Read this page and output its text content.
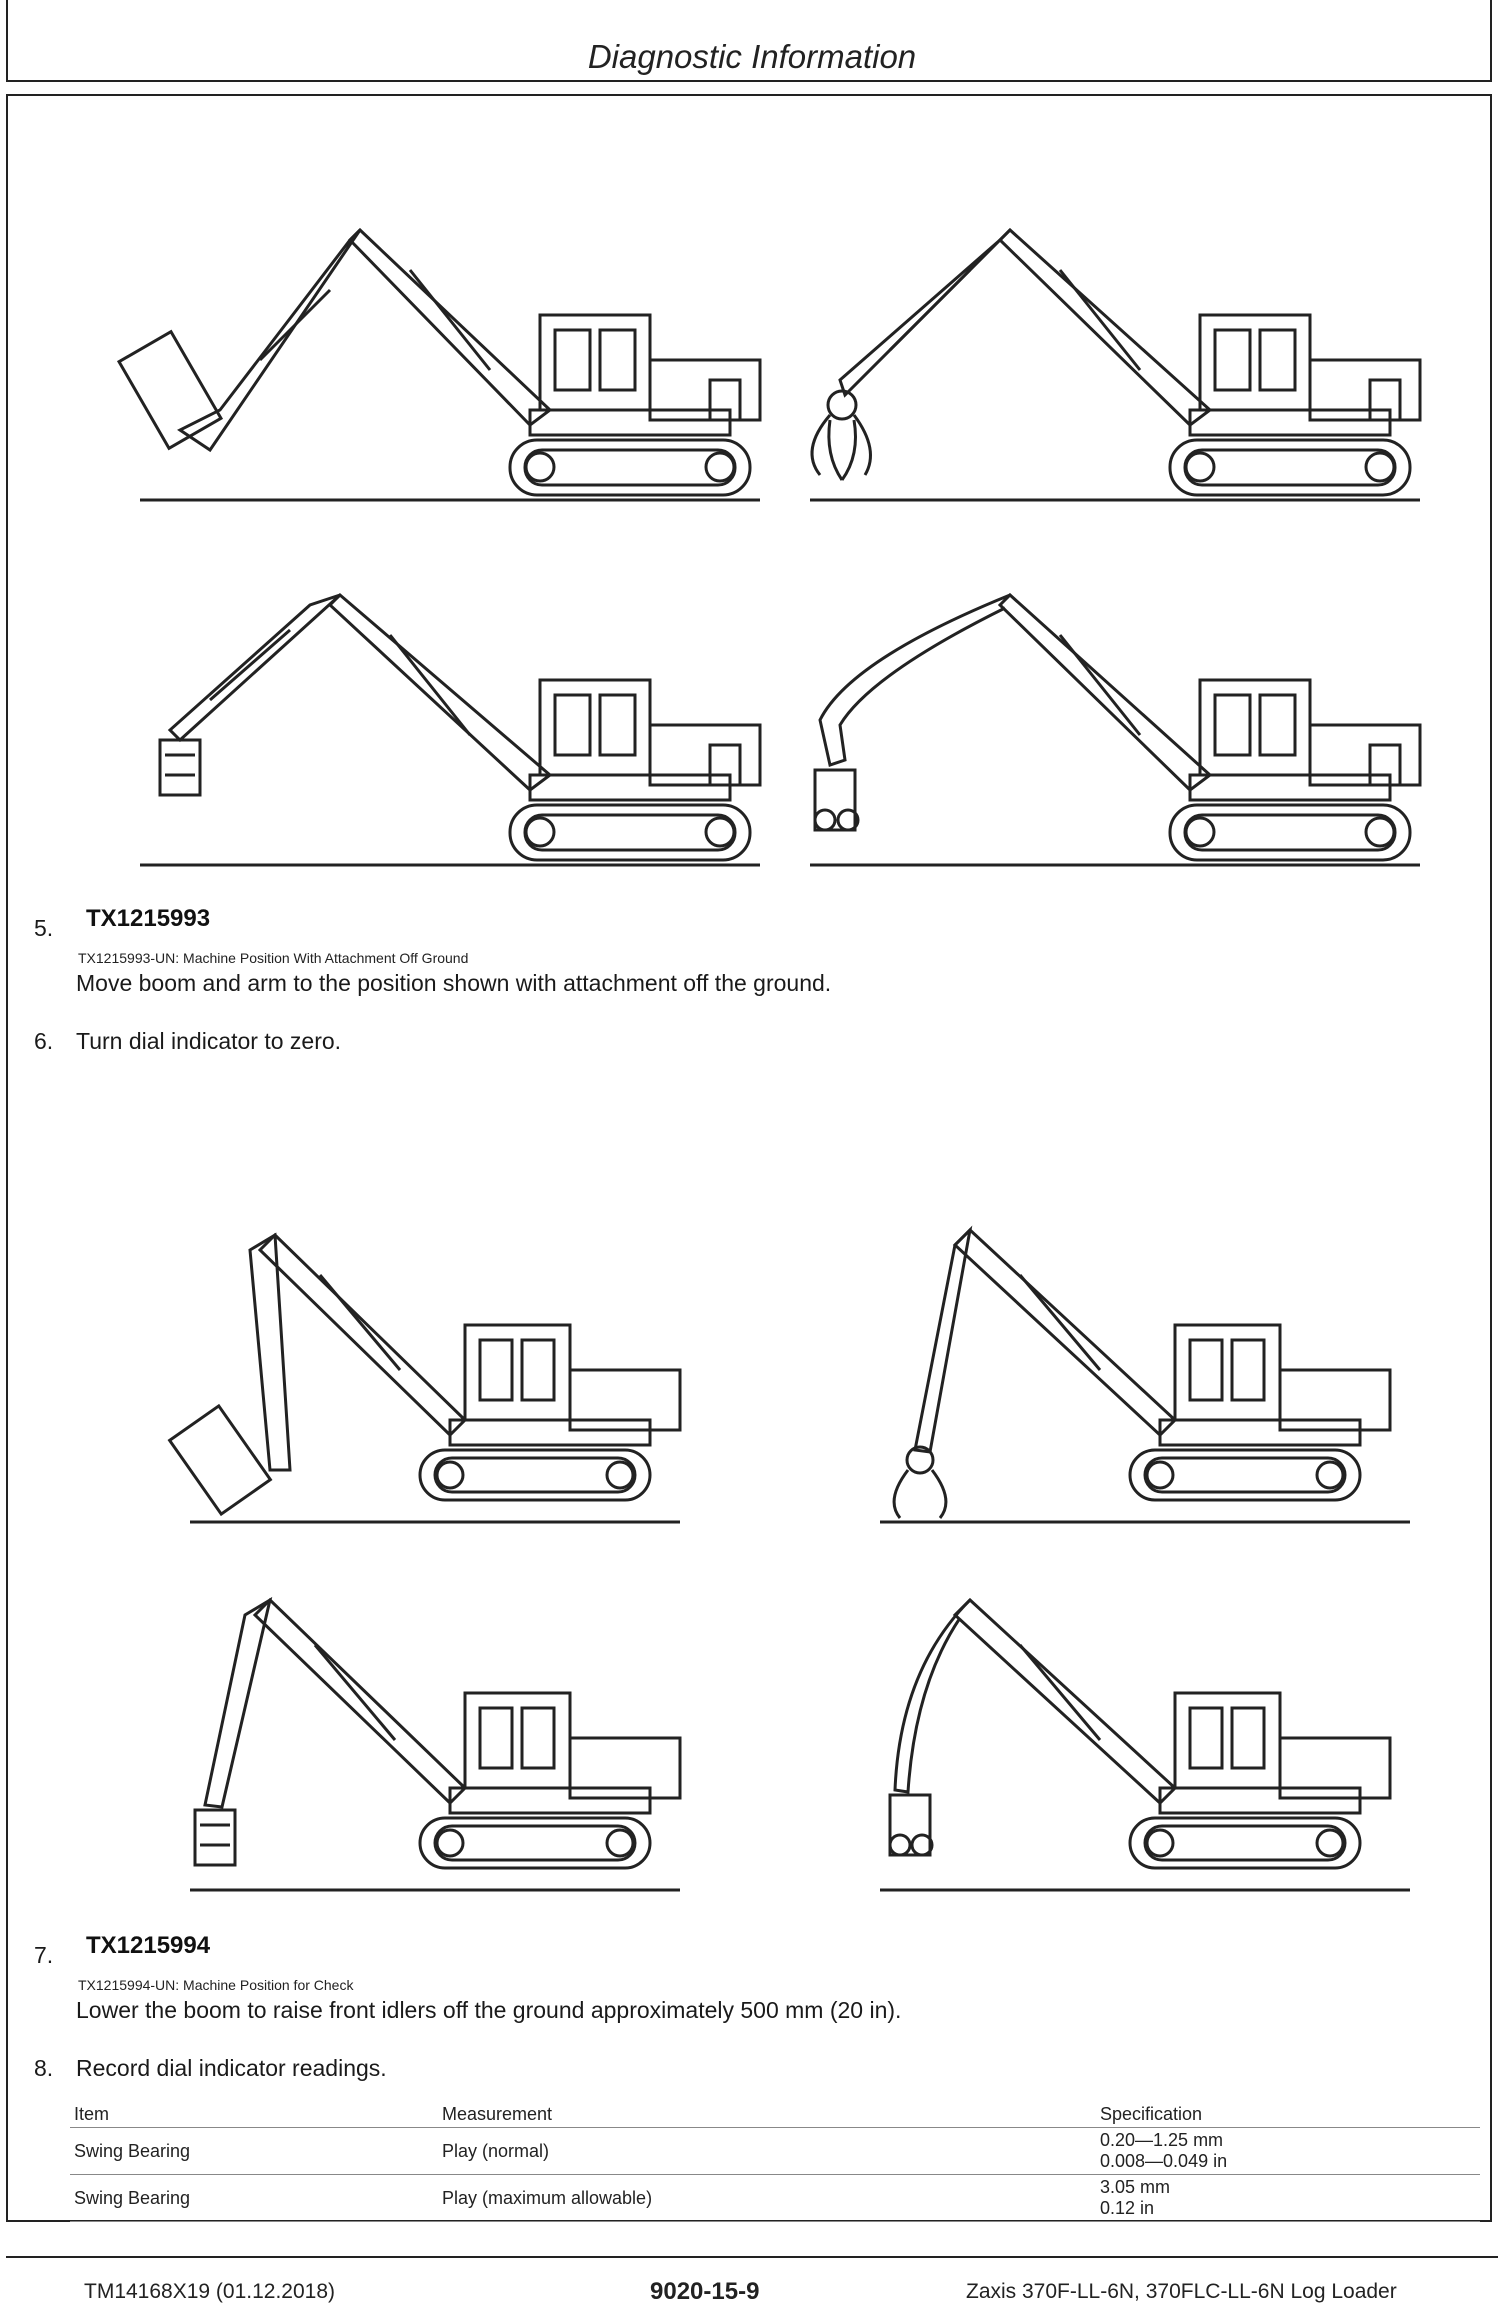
Diagnostic Information
5. TX1215993
TX1215993-UN: Machine Position With Attachment Off Ground
Move boom and arm to the position shown with attachment off the ground.
6. Turn dial indicator to zero.
7. TX1215994
TX1215994-UN: Machine Position for Check
Lower the boom to raise front idlers off the ground approximately 500 mm (20 in).
8. Record dial indicator readings.
Item	Measurement	Specification
Swing Bearing	Play (normal)	0.20—1.25 mm
0.008—0.049 in

Swing Bearing	Play (maximum allowable)	3.05 mm
0.12 in
TM14168X19 (01.12.2018)	9020-15-9	Zaxis 370F-LL-6N, 370FLC-LL-6N Log Loader
